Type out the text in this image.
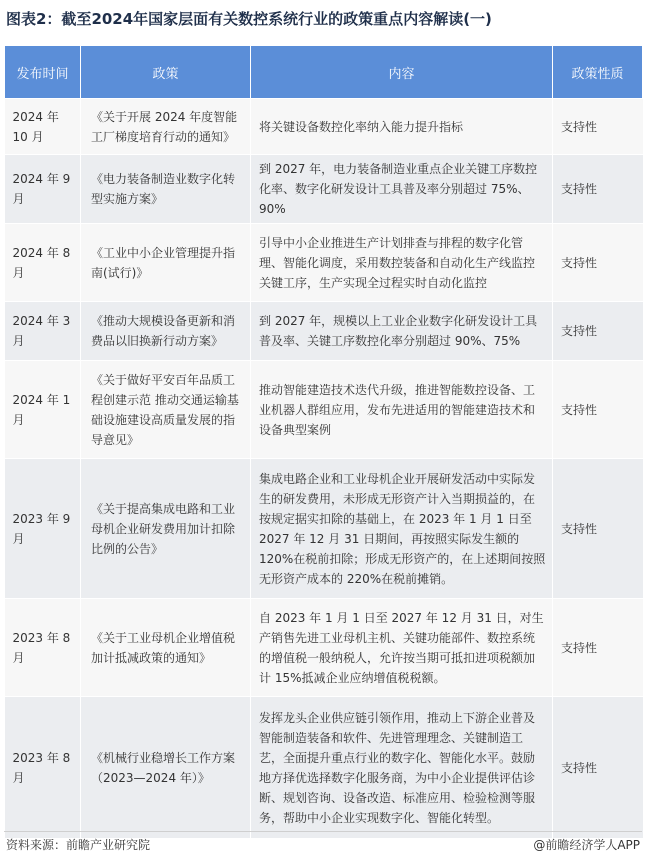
图表2：截至2024年国家层面有关数控系统行业的政策重点内容解读(一)
发布时间	政策	内容	政策性质
2024 年 10 月	《关于开展 2024 年度智能工厂梯度培育行动的通知》	将关键设备数控化率纳入能力提升指标	支持性
2024 年 9 月	《电力装备制造业数字化转型实施方案》	到 2027 年，电力装备制造业重点企业关键工序数控化率、数字化研发设计工具普及率分别超过 75%、90%	支持性
2024 年 8 月	《工业中小企业管理提升指南(试行)》	引导中小企业推进生产计划排查与排程的数字化管理、智能化调度，采用数控装备和自动化生产线监控关键工序，生产实现全过程实时自动化监控	支持性
2024 年 3 月	《推动大规模设备更新和消费品以旧换新行动方案》	到 2027 年，规模以上工业企业数字化研发设计工具普及率、关键工序数控化率分别超过 90%、75%	支持性
2024 年 1 月	《关于做好平安百年品质工程创建示范 推动交通运输基础设施建设高质量发展的指导意见》	推动智能建造技术迭代升级，推进智能数控设备、工业机器人群组应用，发布先进适用的智能建造技术和设备典型案例	支持性
2023 年 9 月	《关于提高集成电路和工业母机企业研发费用加计扣除比例的公告》	集成电路企业和工业母机企业开展研发活动中实际发生的研发费用，未形成无形资产计入当期损益的，在按规定据实扣除的基础上，在 2023 年 1 月 1 日至 2027 年 12 月 31 日期间，再按照实际发生额的 120%在税前扣除；形成无形资产的，在上述期间按照无形资产成本的 220%在税前摊销。	支持性
2023 年 8 月	《关于工业母机企业增值税加计抵减政策的通知》	自 2023 年 1 月 1 日至 2027 年 12 月 31 日，对生产销售先进工业母机主机、关键功能部件、数控系统的增值税一般纳税人，允许按当期可抵扣进项税额加计 15%抵减企业应纳增值税税额。	支持性
2023 年 8 月	《机械行业稳增长工作方案（2023—2024 年）》	发挥龙头企业供应链引领作用，推动上下游企业普及智能制造装备和软件、先进管理理念、关键制造工艺，全面提升重点行业的数字化、智能化水平。鼓励地方择优选择数字化服务商，为中小企业提供评估诊断、规划咨询、设备改造、标准应用、检验检测等服务，帮助中小企业实现数字化、智能化转型。	支持性
资料来源：前瞻产业研究院	@前瞻经济学人APP
